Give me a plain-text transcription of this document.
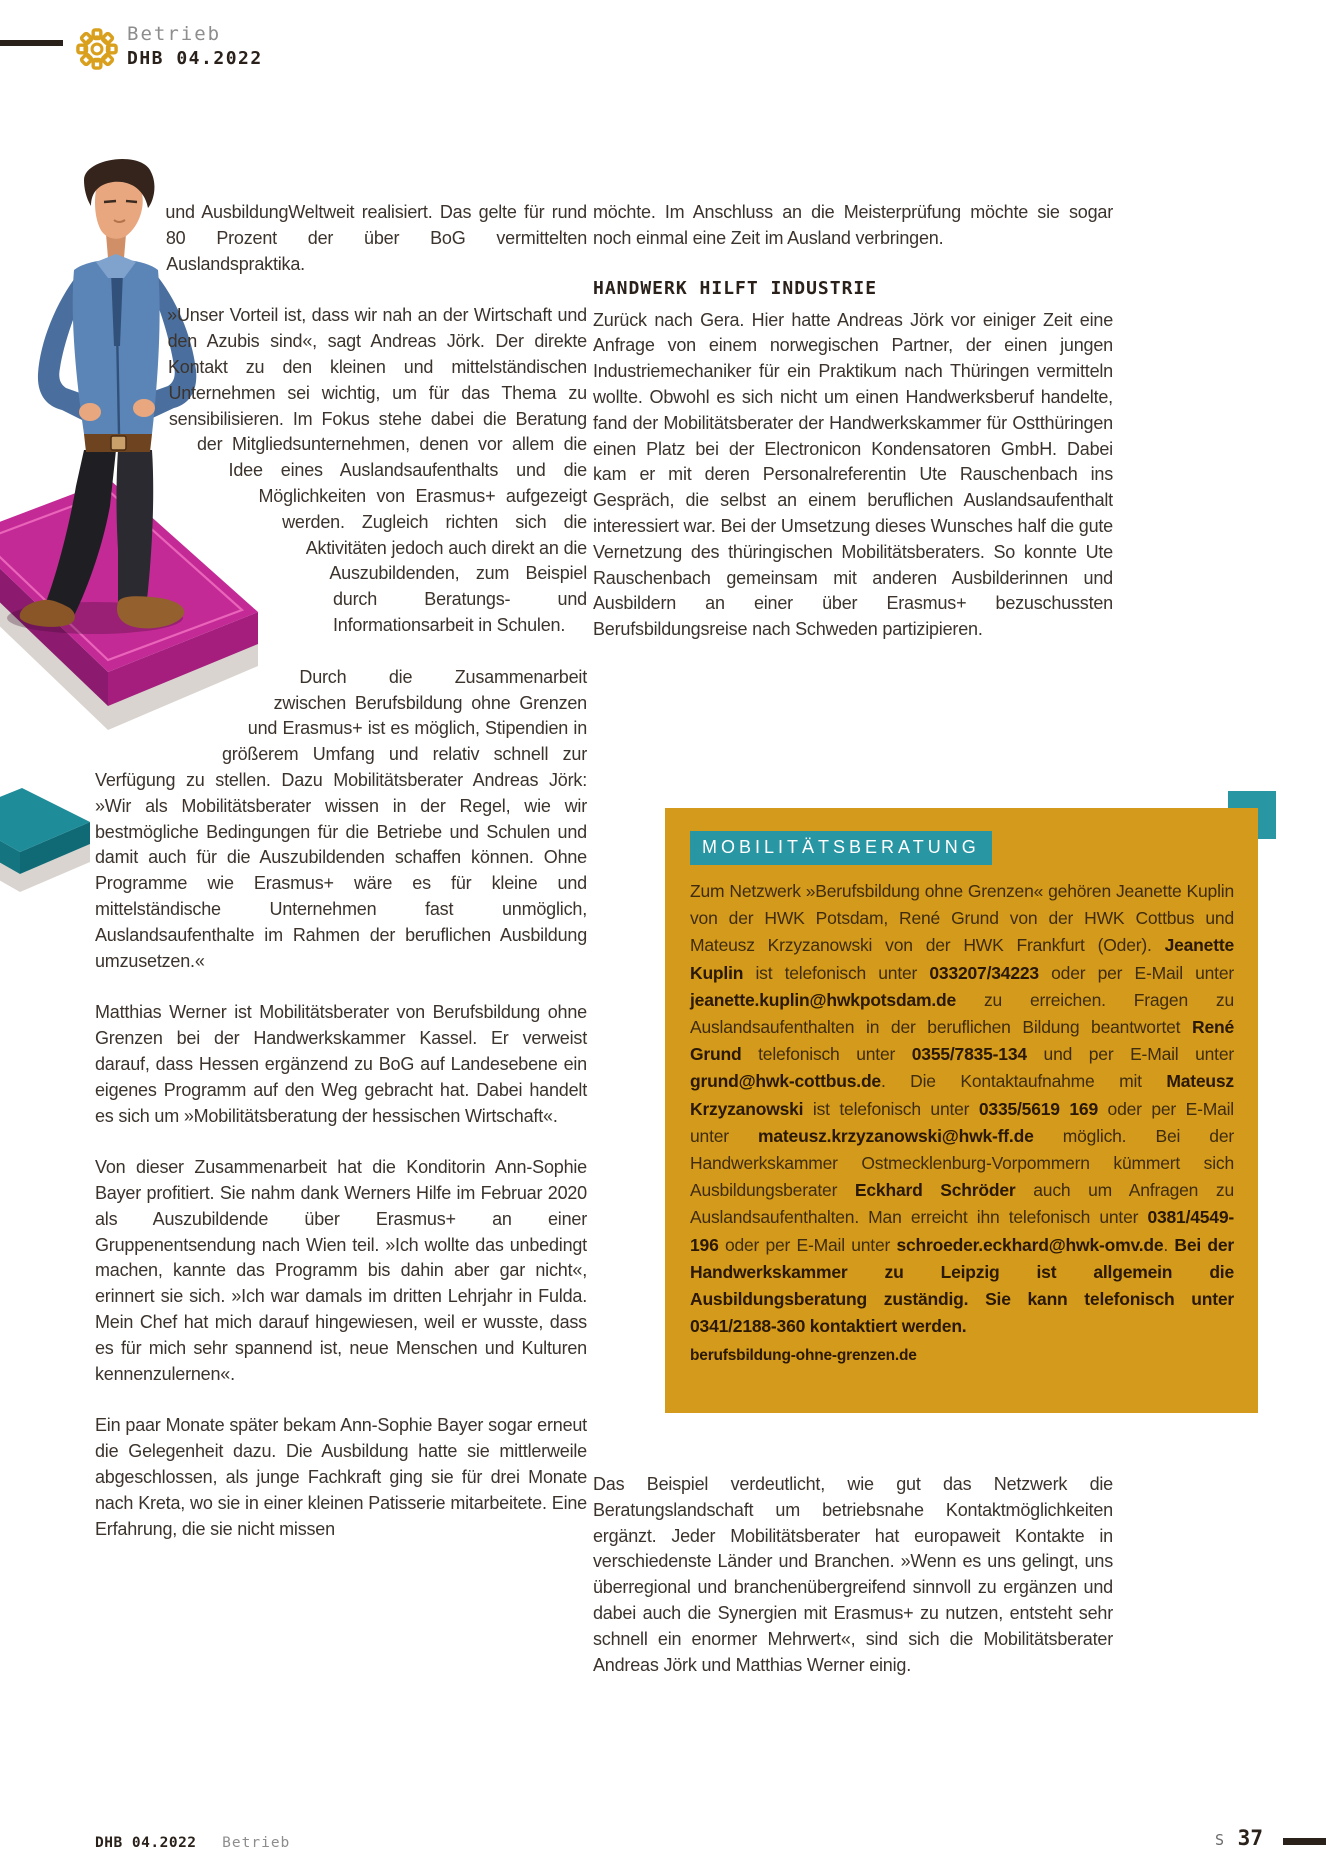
Betrieb
DHB 04.2022

und AusbildungWeltweit realisiert. Das gelte für rund 80 Prozent der über BoG vermittelten Auslandspraktika.

»Unser Vorteil ist, dass wir nah an der Wirtschaft und den Azubis sind«, sagt Andreas Jörk. Der direkte Kontakt zu den kleinen und mittelständischen Unternehmen sei wichtig, um für das Thema zu sensibilisieren. Im Fokus stehe dabei die Beratung der Mitgliedsunternehmen, denen vor allem die Idee eines Auslandsaufenthalts und die Möglichkeiten von Erasmus+ aufgezeigt werden. Zugleich richten sich die Aktivitäten jedoch auch direkt an die Auszubildenden, zum Beispiel durch Beratungs- und Informationsarbeit in Schulen.

Durch die Zusammenarbeit zwischen Berufsbildung ohne Grenzen und Erasmus+ ist es möglich, Stipendien in größerem Umfang und relativ schnell zur Verfügung zu stellen. Dazu Mobilitätsberater Andreas Jörk: »Wir als Mobilitätsberater wissen in der Regel, wie wir bestmögliche Bedingungen für die Betriebe und Schulen und damit auch für die Auszubildenden schaffen können. Ohne Programme wie Erasmus+ wäre es für kleine und mittelständische Unternehmen fast unmöglich, Auslandsaufenthalte im Rahmen der beruflichen Ausbildung umzusetzen.«

Matthias Werner ist Mobilitätsberater von Berufsbildung ohne Grenzen bei der Handwerkskammer Kassel. Er verweist darauf, dass Hessen ergänzend zu BoG auf Landesebene ein eigenes Programm auf den Weg gebracht hat. Dabei handelt es sich um »Mobilitätsberatung der hessischen Wirtschaft«.

Von dieser Zusammenarbeit hat die Konditorin Ann-Sophie Bayer profitiert. Sie nahm dank Werners Hilfe im Februar 2020 als Auszubildende über Erasmus+ an einer Gruppenentsendung nach Wien teil. »Ich wollte das unbedingt machen, kannte das Programm bis dahin aber gar nicht«, erinnert sie sich. »Ich war damals im dritten Lehrjahr in Fulda. Mein Chef hat mich darauf hingewiesen, weil er wusste, dass es für mich sehr spannend ist, neue Menschen und Kulturen kennenzulernen«.

Ein paar Monate später bekam Ann-Sophie Bayer sogar erneut die Gelegenheit dazu. Die Ausbildung hatte sie mittlerweile abgeschlossen, als junge Fachkraft ging sie für drei Monate nach Kreta, wo sie in einer kleinen Patisserie mitarbeitete. Eine Erfahrung, die sie nicht missen

möchte. Im Anschluss an die Meisterprüfung möchte sie sogar noch einmal eine Zeit im Ausland verbringen.

HANDWERK HILFT INDUSTRIE

Zurück nach Gera. Hier hatte Andreas Jörk vor einiger Zeit eine Anfrage von einem norwegischen Partner, der einen jungen Industriemechaniker für ein Praktikum nach Thüringen vermitteln wollte. Obwohl es sich nicht um einen Handwerksberuf handelte, fand der Mobilitätsberater der Handwerkskammer für Ostthüringen einen Platz bei der Electronicon Kondensatoren GmbH. Dabei kam er mit deren Personalreferentin Ute Rauschenbach ins Gespräch, die selbst an einem beruflichen Auslandsaufenthalt interessiert war. Bei der Umsetzung dieses Wunsches half die gute Vernetzung des thüringischen Mobilitätsberaters. So konnte Ute Rauschenbach gemeinsam mit anderen Ausbilderinnen und Ausbildern an einer über Erasmus+ bezuschussten Berufsbildungsreise nach Schweden partizipieren.

MOBILITÄTSBERATUNG
Zum Netzwerk »Berufsbildung ohne Grenzen« gehören Jeanette Kuplin von der HWK Potsdam, René Grund von der HWK Cottbus und Mateusz Krzyzanowski von der HWK Frankfurt (Oder). Jeanette Kuplin ist telefonisch unter 033207/34223 oder per E-Mail unter jeanette.kuplin@hwkpotsdam.de zu erreichen. Fragen zu Auslandsaufenthalten in der beruflichen Bildung beantwortet René Grund telefonisch unter 0355/7835-134 und per E-Mail unter grund@hwk-cottbus.de. Die Kontaktaufnahme mit Mateusz Krzyzanowski ist telefonisch unter 0335/5619 169 oder per E-Mail unter mateusz.krzyzanowski@hwk-ff.de möglich. Bei der Handwerkskammer Ostmecklenburg-Vorpommern kümmert sich Ausbildungsberater Eckhard Schröder auch um Anfragen zu Auslandsaufenthalten. Man erreicht ihn telefonisch unter 0381/4549-196 oder per E-Mail unter schroeder.eckhard@hwk-omv.de. Bei der Handwerkskammer zu Leipzig ist allgemein die Ausbildungsberatung zuständig. Sie kann telefonisch unter 0341/2188-360 kontaktiert werden.
berufsbildung-ohne-grenzen.de

Das Beispiel verdeutlicht, wie gut das Netzwerk die Beratungslandschaft um betriebsnahe Kontaktmöglichkeiten ergänzt. Jeder Mobilitätsberater hat europaweit Kontakte in verschiedenste Länder und Branchen. »Wenn es uns gelingt, uns überregional und branchenübergreifend sinnvoll zu ergänzen und dabei auch die Synergien mit Erasmus+ zu nutzen, entsteht sehr schnell ein enormer Mehrwert«, sind sich die Mobilitätsberater Andreas Jörk und Matthias Werner einig.

DHB 04.2022 Betrieb	S 37
